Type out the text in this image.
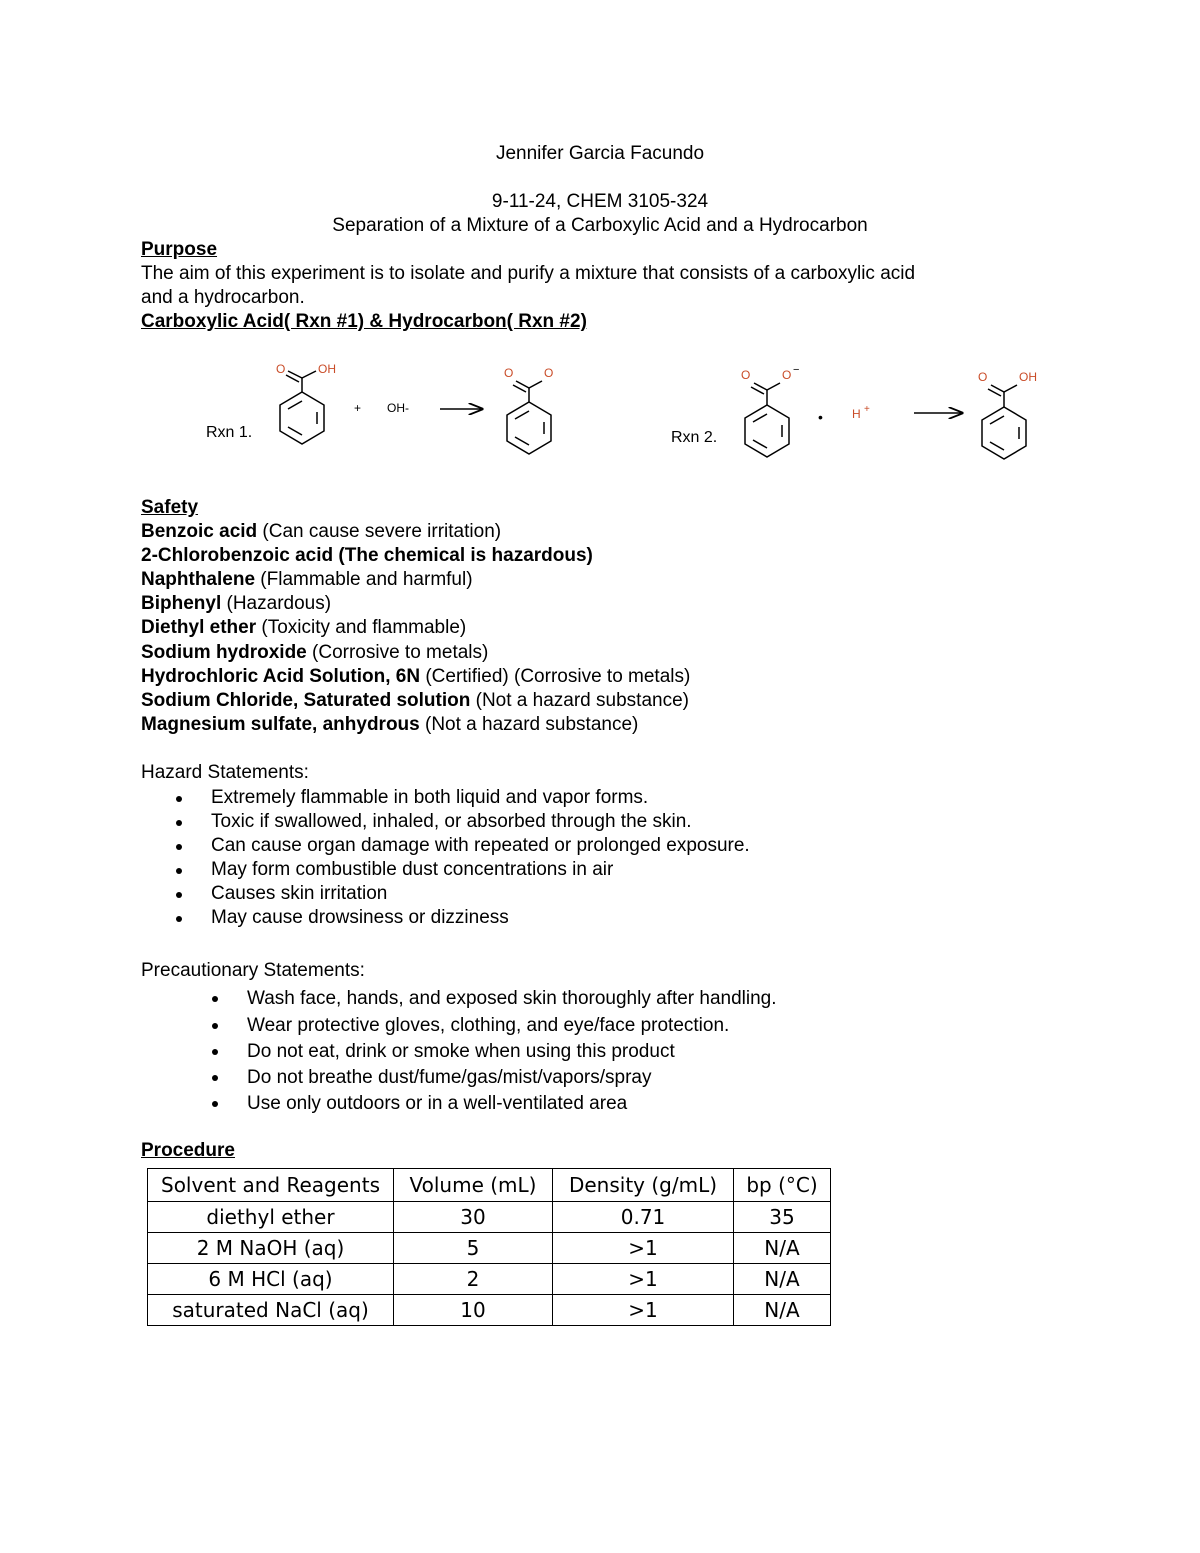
Jennifer Garcia Facundo
9-11-24, CHEM 3105-324
Separation of a Mixture of a Carboxylic Acid and a Hydrocarbon
Purpose
The aim of this experiment is to isolate and purify a mixture that consists of a carboxylic acid
and a hydrocarbon.
Carboxylic Acid( Rxn #1) & Hydrocarbon( Rxn #2)
Rxn 1.
O	OH
+ OH-
O	O
Rxn 2.
O	O −
• H +
O	OH
Safety
Benzoic acid (Can cause severe irritation)
2-Chlorobenzoic acid (The chemical is hazardous)
Naphthalene (Flammable and harmful)
Biphenyl (Hazardous)
Diethyl ether (Toxicity and flammable)
Sodium hydroxide (Corrosive to metals)
Hydrochloric Acid Solution, 6N (Certified) (Corrosive to metals)
Sodium Chloride, Saturated solution (Not a hazard substance)
Magnesium sulfate, anhydrous (Not a hazard substance)
Hazard Statements:
Extremely flammable in both liquid and vapor forms.
Toxic if swallowed, inhaled, or absorbed through the skin.
Can cause organ damage with repeated or prolonged exposure.
May form combustible dust concentrations in air
Causes skin irritation
May cause drowsiness or dizziness
Precautionary Statements:
Wash face, hands, and exposed skin thoroughly after handling.
Wear protective gloves, clothing, and eye/face protection.
Do not eat, drink or smoke when using this product
Do not breathe dust/fume/gas/mist/vapors/spray
Use only outdoors or in a well-ventilated area
Procedure
Solvent and Reagents	Volume (mL)	Density (g/mL)	bp (°C)
diethyl ether	30	0.71	35
2 M NaOH (aq)	5	>1	N/A
6 M HCl (aq)	2	>1	N/A
saturated NaCl (aq)	10	>1	N/A
